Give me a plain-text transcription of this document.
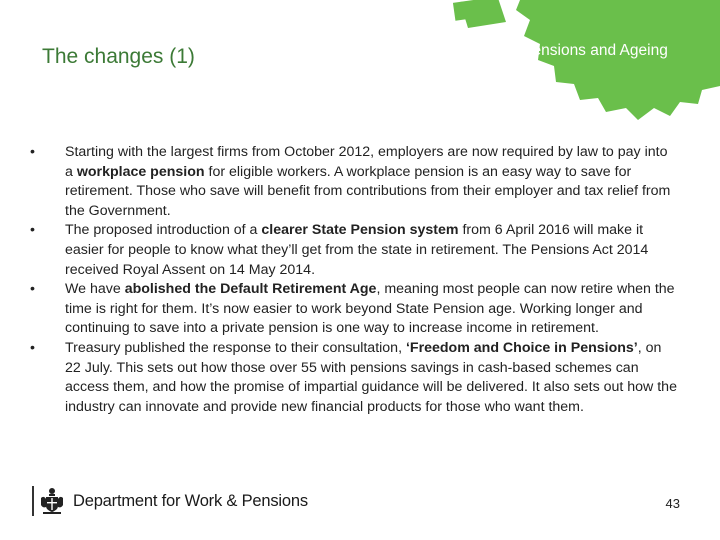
Pensions and Ageing
The changes (1)
• Starting with the largest firms from October 2012, employers are now required by law to pay into a workplace pension for eligible workers. A workplace pension is an easy way to save for retirement. Those who save will benefit from contributions from their employer and tax relief from the Government.
• The proposed introduction of a clearer State Pension system from 6 April 2016 will make it easier for people to know what they’ll get from the state in retirement. The Pensions Act 2014 received Royal Assent on 14 May 2014.
• We have abolished the Default Retirement Age, meaning most people can now retire when the time is right for them. It’s now easier to work beyond State Pension age. Working longer and continuing to save into a private pension is one way to increase income in retirement.
• Treasury published the response to their consultation, ‘Freedom and Choice in Pensions’, on 22 July. This sets out how those over 55 with pensions savings in cash-based schemes can access them, and how the promise of impartial guidance will be delivered. It also sets out how the industry can innovate and provide new financial products for those who want them.
Department for Work & Pensions	43
